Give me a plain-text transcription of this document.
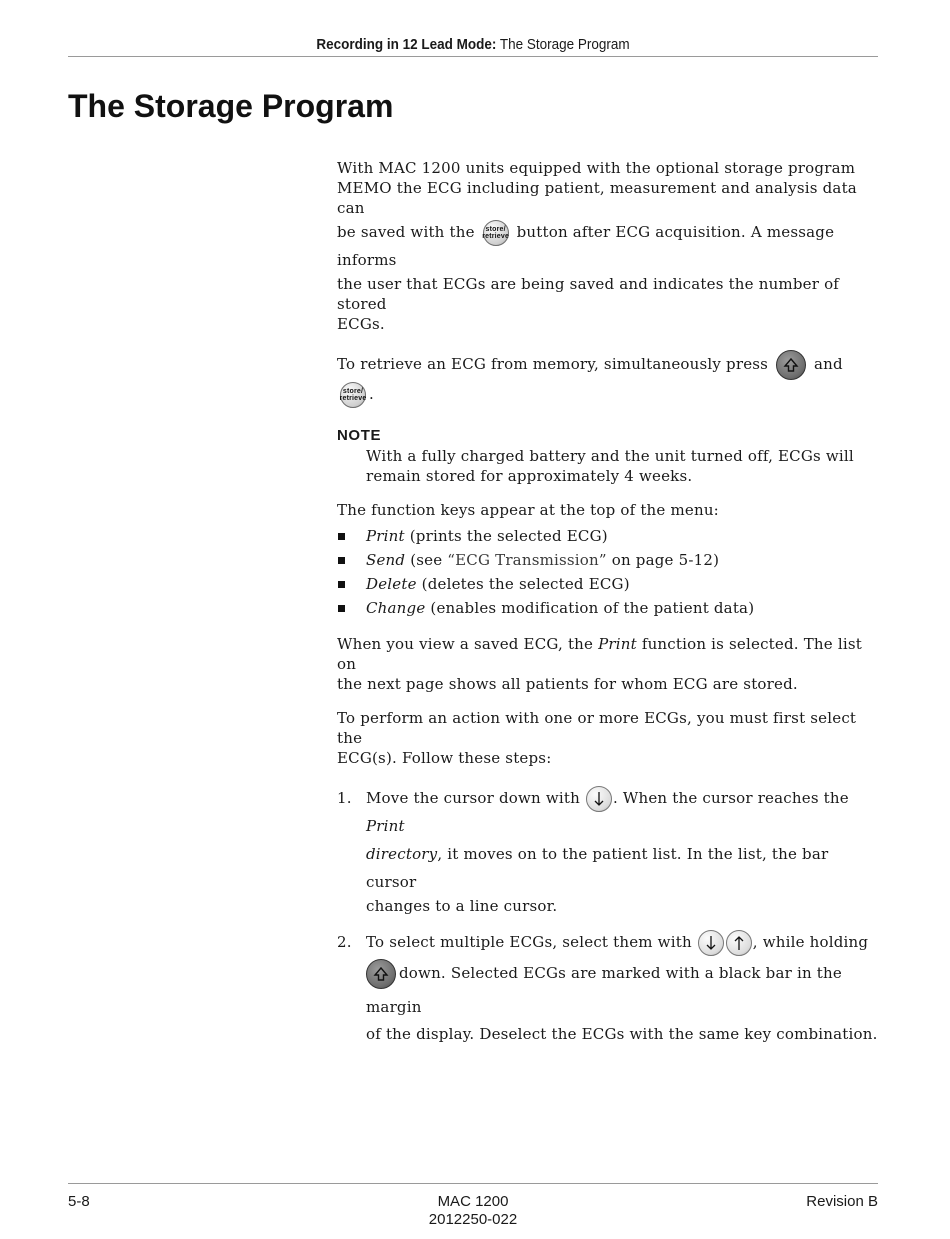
Recording in 12 Lead Mode: The Storage Program
The Storage Program

With MAC 1200 units equipped with the optional storage program
MEMO the ECG including patient, measurement and analysis data can
be saved with the store/
retrieve button after ECG acquisition. A message informs
the user that ECGs are being saved and indicates the number of stored
ECGs.

To retrieve an ECG from memory, simultaneously press	and
store/
retrieve .

NOTE

With a fully charged battery and the unit turned off, ECGs will
remain stored for approximately 4 weeks.

The function keys appear at the top of the menu:

Print (prints the selected ECG)
Send (see “ECG Transmission” on page 5-12)
Delete (deletes the selected ECG)
Change (enables modification of the patient data)

When you view a saved ECG, the Print function is selected. The list on
the next page shows all patients for whom ECG are stored.

To perform an action with one or more ECGs, you must first select the
ECG(s). Follow these steps:

1. Move the cursor down with . When the cursor reaches the Print
directory, it moves on to the patient list. In the list, the bar cursor
changes to a line cursor.
2. To select multiple ECGs, select them with	, while holding

down. Selected ECGs are marked with a black bar in the margin
of the display. Deselect the ECGs with the same key combination.
5-8	MAC 1200
2012250-022
Revision B
